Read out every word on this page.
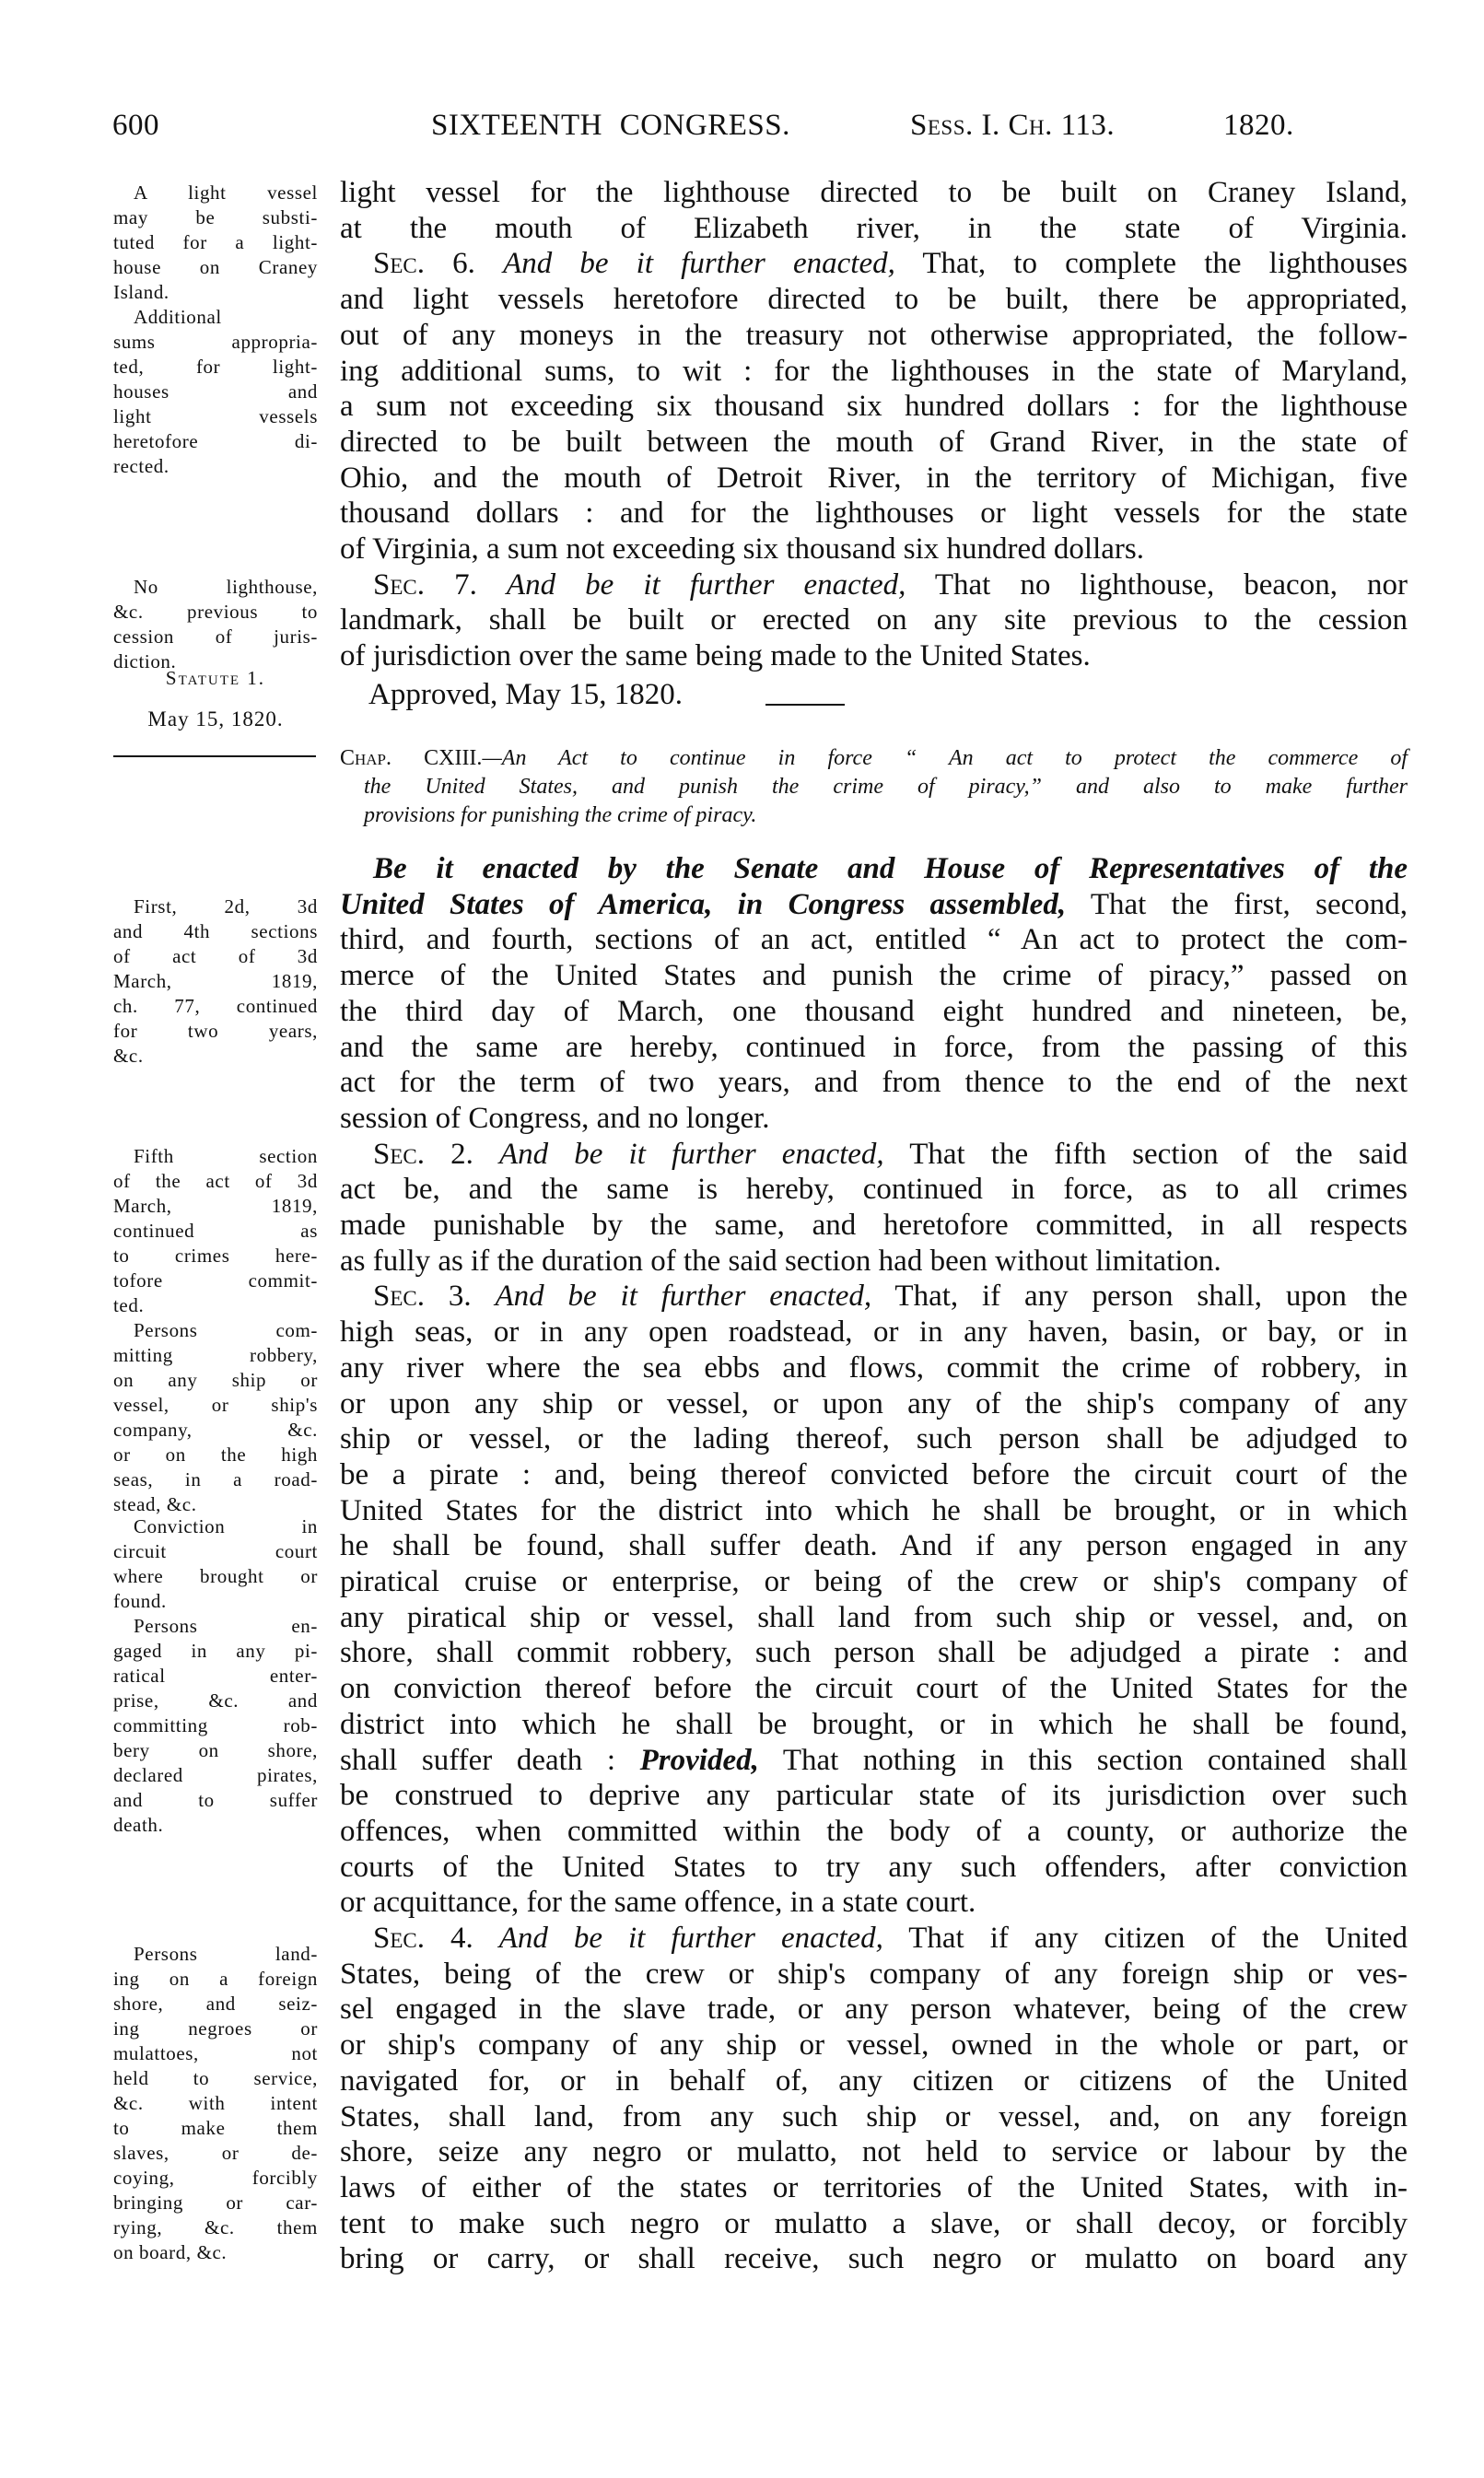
600	SIXTEENTH CONGRESS.	Sess. I. Ch. 113.	1820.
A light vessel
may be substi-
tuted for a light-
house on Craney
Island.
Additional
sums appropria-
ted, for light-
houses and
light vessels
heretofore di-
rected.
No lighthouse,
&c. previous to
cession of juris-
diction.
First, 2d, 3d
and 4th sections
of act of 3d
March, 1819,
ch. 77, continued
for two years,
&c.
Fifth section
of the act of 3d
March, 1819,
continued as
to crimes here-
tofore commit-
ted.
Persons com-
mitting robbery,
on any ship or
vessel, or ship's
company, &c.
or on the high
seas, in a road-
stead, &c.
Conviction in
circuit court
where brought or
found.
Persons en-
gaged in any pi-
ratical enter-
prise, &c. and
committing rob-
bery on shore,
declared pirates,
and to suffer
death.
Persons land-
ing on a foreign
shore, and seiz-
ing negroes or
mulattoes, not
held to service,
&c. with intent
to make them
slaves, or de-
coying, forcibly
bringing or car-
rying, &c. them
on board, &c.
Statute 1.
May 15, 1820.
light vessel for the lighthouse directed to be built on Craney Island,
at the mouth of Elizabeth river, in the state of Virginia.
Sec. 6. And be it further enacted, That, to complete the lighthouses
and light vessels heretofore directed to be built, there be appropriated,
out of any moneys in the treasury not otherwise appropriated, the follow-
ing additional sums, to wit : for the lighthouses in the state of Maryland,
a sum not exceeding six thousand six hundred dollars : for the lighthouse
directed to be built between the mouth of Grand River, in the state of
Ohio, and the mouth of Detroit River, in the territory of Michigan, five
thousand dollars : and for the lighthouses or light vessels for the state
of Virginia, a sum not exceeding six thousand six hundred dollars.
Sec. 7. And be it further enacted, That no lighthouse, beacon, nor
landmark, shall be built or erected on any site previous to the cession
of jurisdiction over the same being made to the United States.
Approved, May 15, 1820.
Chap. CXIII.—An Act to continue in force “ An act to protect the commerce of
the United States, and punish the crime of piracy,” and also to make further
provisions for punishing the crime of piracy.
Be it enacted by the Senate and House of Representatives of the
United States of America, in Congress assembled, That the first, second,
third, and fourth, sections of an act, entitled “ An act to protect the com-
merce of the United States and punish the crime of piracy,” passed on
the third day of March, one thousand eight hundred and nineteen, be,
and the same are hereby, continued in force, from the passing of this
act for the term of two years, and from thence to the end of the next
session of Congress, and no longer.
Sec. 2. And be it further enacted, That the fifth section of the said
act be, and the same is hereby, continued in force, as to all crimes
made punishable by the same, and heretofore committed, in all respects
as fully as if the duration of the said section had been without limitation.
Sec. 3. And be it further enacted, That, if any person shall, upon the
high seas, or in any open roadstead, or in any haven, basin, or bay, or in
any river where the sea ebbs and flows, commit the crime of robbery, in
or upon any ship or vessel, or upon any of the ship's company of any
ship or vessel, or the lading thereof, such person shall be adjudged to
be a pirate : and, being thereof convicted before the circuit court of the
United States for the district into which he shall be brought, or in which
he shall be found, shall suffer death. And if any person engaged in any
piratical cruise or enterprise, or being of the crew or ship's company of
any piratical ship or vessel, shall land from such ship or vessel, and, on
shore, shall commit robbery, such person shall be adjudged a pirate : and
on conviction thereof before the circuit court of the United States for the
district into which he shall be brought, or in which he shall be found,
shall suffer death : Provided, That nothing in this section contained shall
be construed to deprive any particular state of its jurisdiction over such
offences, when committed within the body of a county, or authorize the
courts of the United States to try any such offenders, after conviction
or acquittance, for the same offence, in a state court.
Sec. 4. And be it further enacted, That if any citizen of the United
States, being of the crew or ship's company of any foreign ship or ves-
sel engaged in the slave trade, or any person whatever, being of the crew
or ship's company of any ship or vessel, owned in the whole or part, or
navigated for, or in behalf of, any citizen or citizens of the United
States, shall land, from any such ship or vessel, and, on any foreign
shore, seize any negro or mulatto, not held to service or labour by the
laws of either of the states or territories of the United States, with in-
tent to make such negro or mulatto a slave, or shall decoy, or forcibly
bring or carry, or shall receive, such negro or mulatto on board any
